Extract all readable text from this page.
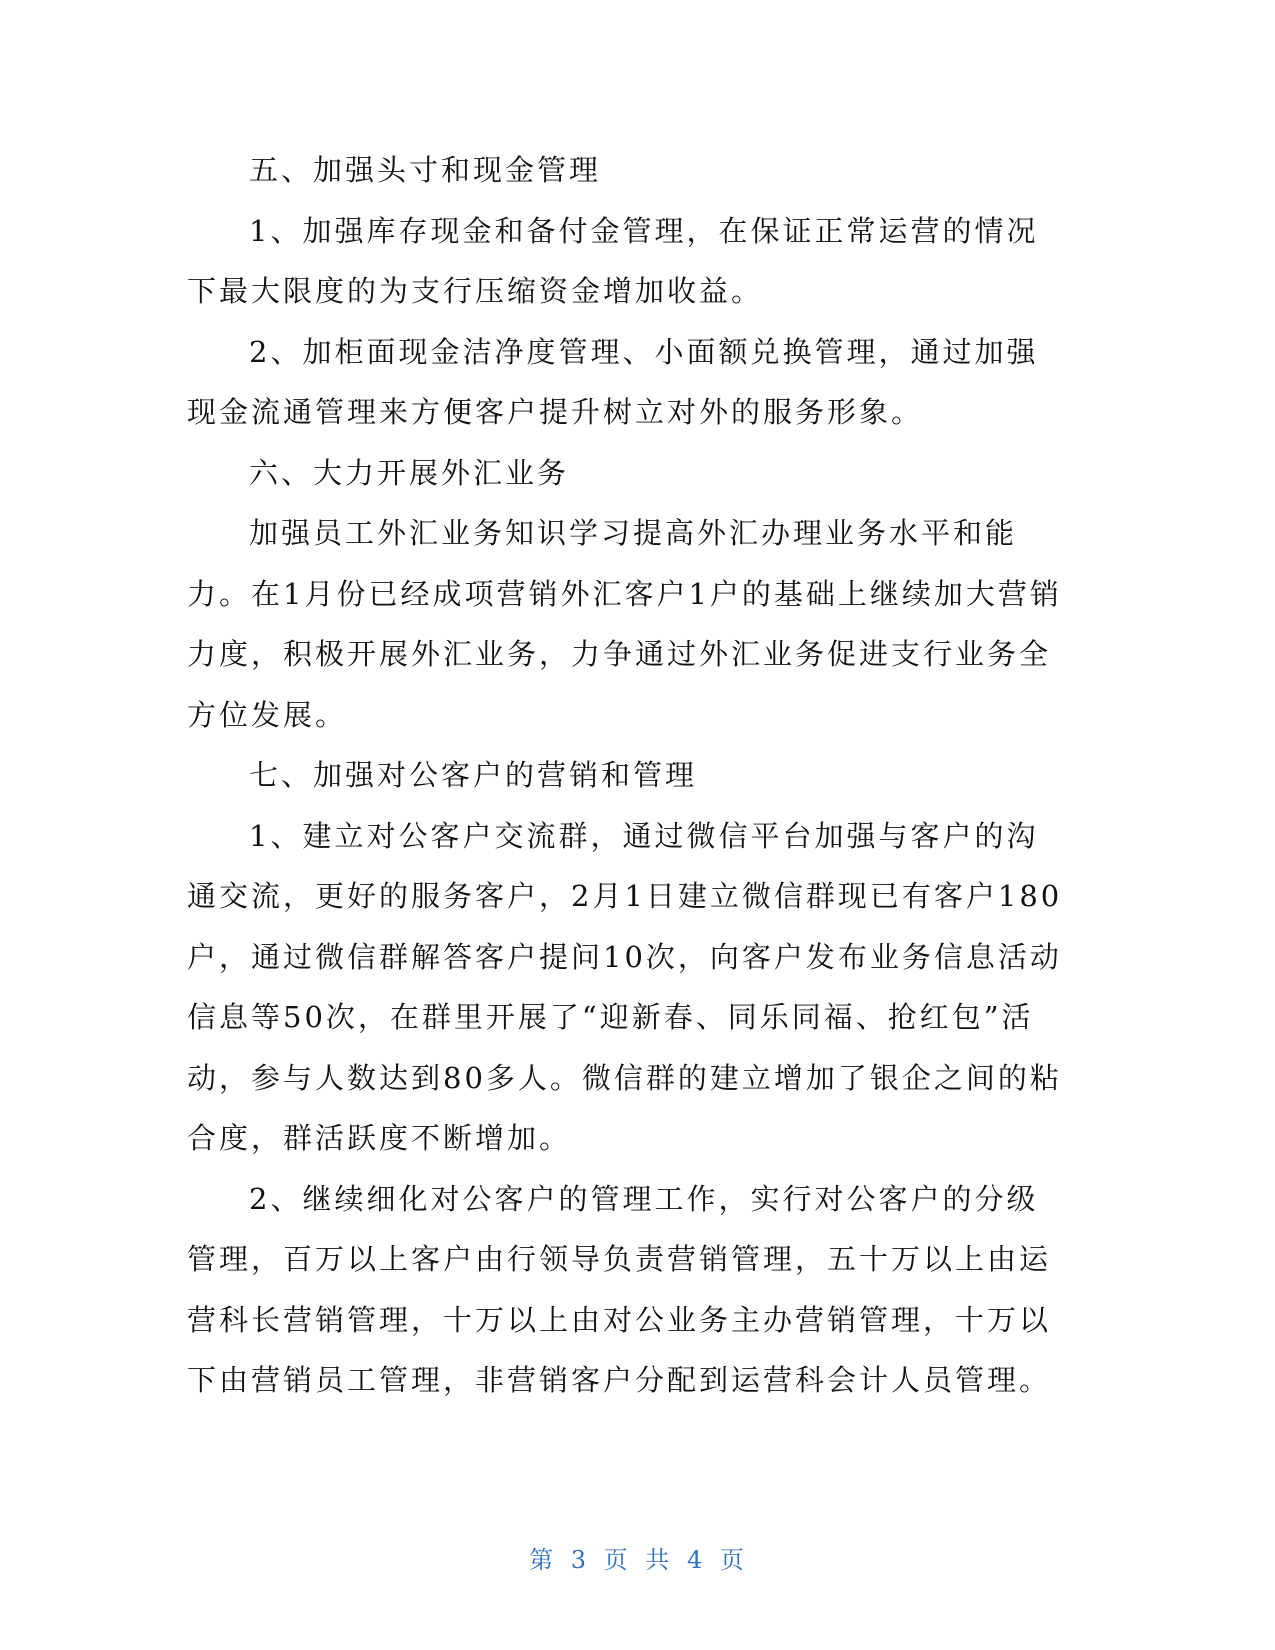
五、加强头寸和现金管理

1、加强库存现金和备付金管理，在保证正常运营的情况下最大限度的为支行压缩资金增加收益。

2、加柜面现金洁净度管理、小面额兑换管理，通过加强现金流通管理来方便客户提升树立对外的服务形象。

六、大力开展外汇业务

加强员工外汇业务知识学习提高外汇办理业务水平和能力。在1月份已经成项营销外汇客户1户的基础上继续加大营销力度，积极开展外汇业务，力争通过外汇业务促进支行业务全方位发展。

七、加强对公客户的营销和管理

1、建立对公客户交流群，通过微信平台加强与客户的沟通交流，更好的服务客户，2月1日建立微信群现已有客户180户，通过微信群解答客户提问10次，向客户发布业务信息活动信息等50次，在群里开展了“迎新春、同乐同福、抢红包”活动，参与人数达到80多人。微信群的建立增加了银企之间的粘合度，群活跃度不断增加。

2、继续细化对公客户的管理工作，实行对公客户的分级管理，百万以上客户由行领导负责营销管理，五十万以上由运营科长营销管理，十万以上由对公业务主办营销管理，十万以下由营销员工管理，非营销客户分配到运营科会计人员管理。

第 3 页 共 4 页
